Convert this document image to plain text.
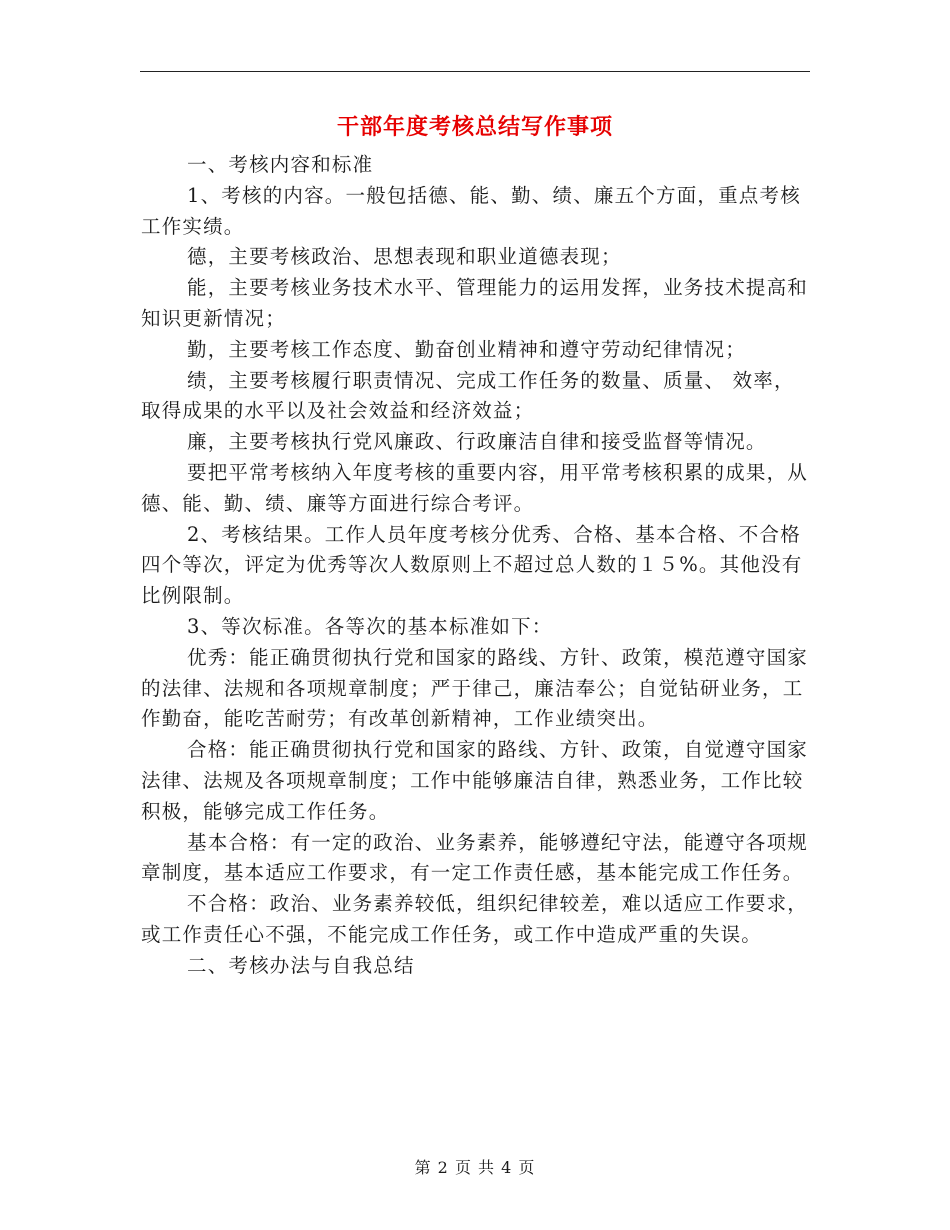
干部年度考核总结写作事项

一、考核内容和标准

1、考核的内容。一般包括德、能、勤、绩、廉五个方面，重点考核工作实绩。

德，主要考核政治、思想表现和职业道德表现；

能，主要考核业务技术水平、管理能力的运用发挥，业务技术提高和知识更新情况；

勤，主要考核工作态度、勤奋创业精神和遵守劳动纪律情况；

绩，主要考核履行职责情况、完成工作任务的数量、质量、 效率，取得成果的水平以及社会效益和经济效益；

廉，主要考核执行党风廉政、行政廉洁自律和接受监督等情况。

要把平常考核纳入年度考核的重要内容，用平常考核积累的成果，从德、能、勤、绩、廉等方面进行综合考评。

2、考核结果。工作人员年度考核分优秀、合格、基本合格、不合格四个等次，评定为优秀等次人数原则上不超过总人数的１５%。其他没有比例限制。

3、等次标准。各等次的基本标准如下：

优秀：能正确贯彻执行党和国家的路线、方针、政策，模范遵守国家的法律、法规和各项规章制度；严于律己，廉洁奉公；自觉钻研业务，工作勤奋，能吃苦耐劳；有改革创新精神，工作业绩突出。

合格：能正确贯彻执行党和国家的路线、方针、政策，自觉遵守国家法律、法规及各项规章制度；工作中能够廉洁自律，熟悉业务，工作比较积极，能够完成工作任务。

基本合格：有一定的政治、业务素养，能够遵纪守法，能遵守各项规章制度，基本适应工作要求，有一定工作责任感，基本能完成工作任务。

不合格：政治、业务素养较低，组织纪律较差，难以适应工作要求，或工作责任心不强，不能完成工作任务，或工作中造成严重的失误。

二、考核办法与自我总结

第 2 页 共 4 页
